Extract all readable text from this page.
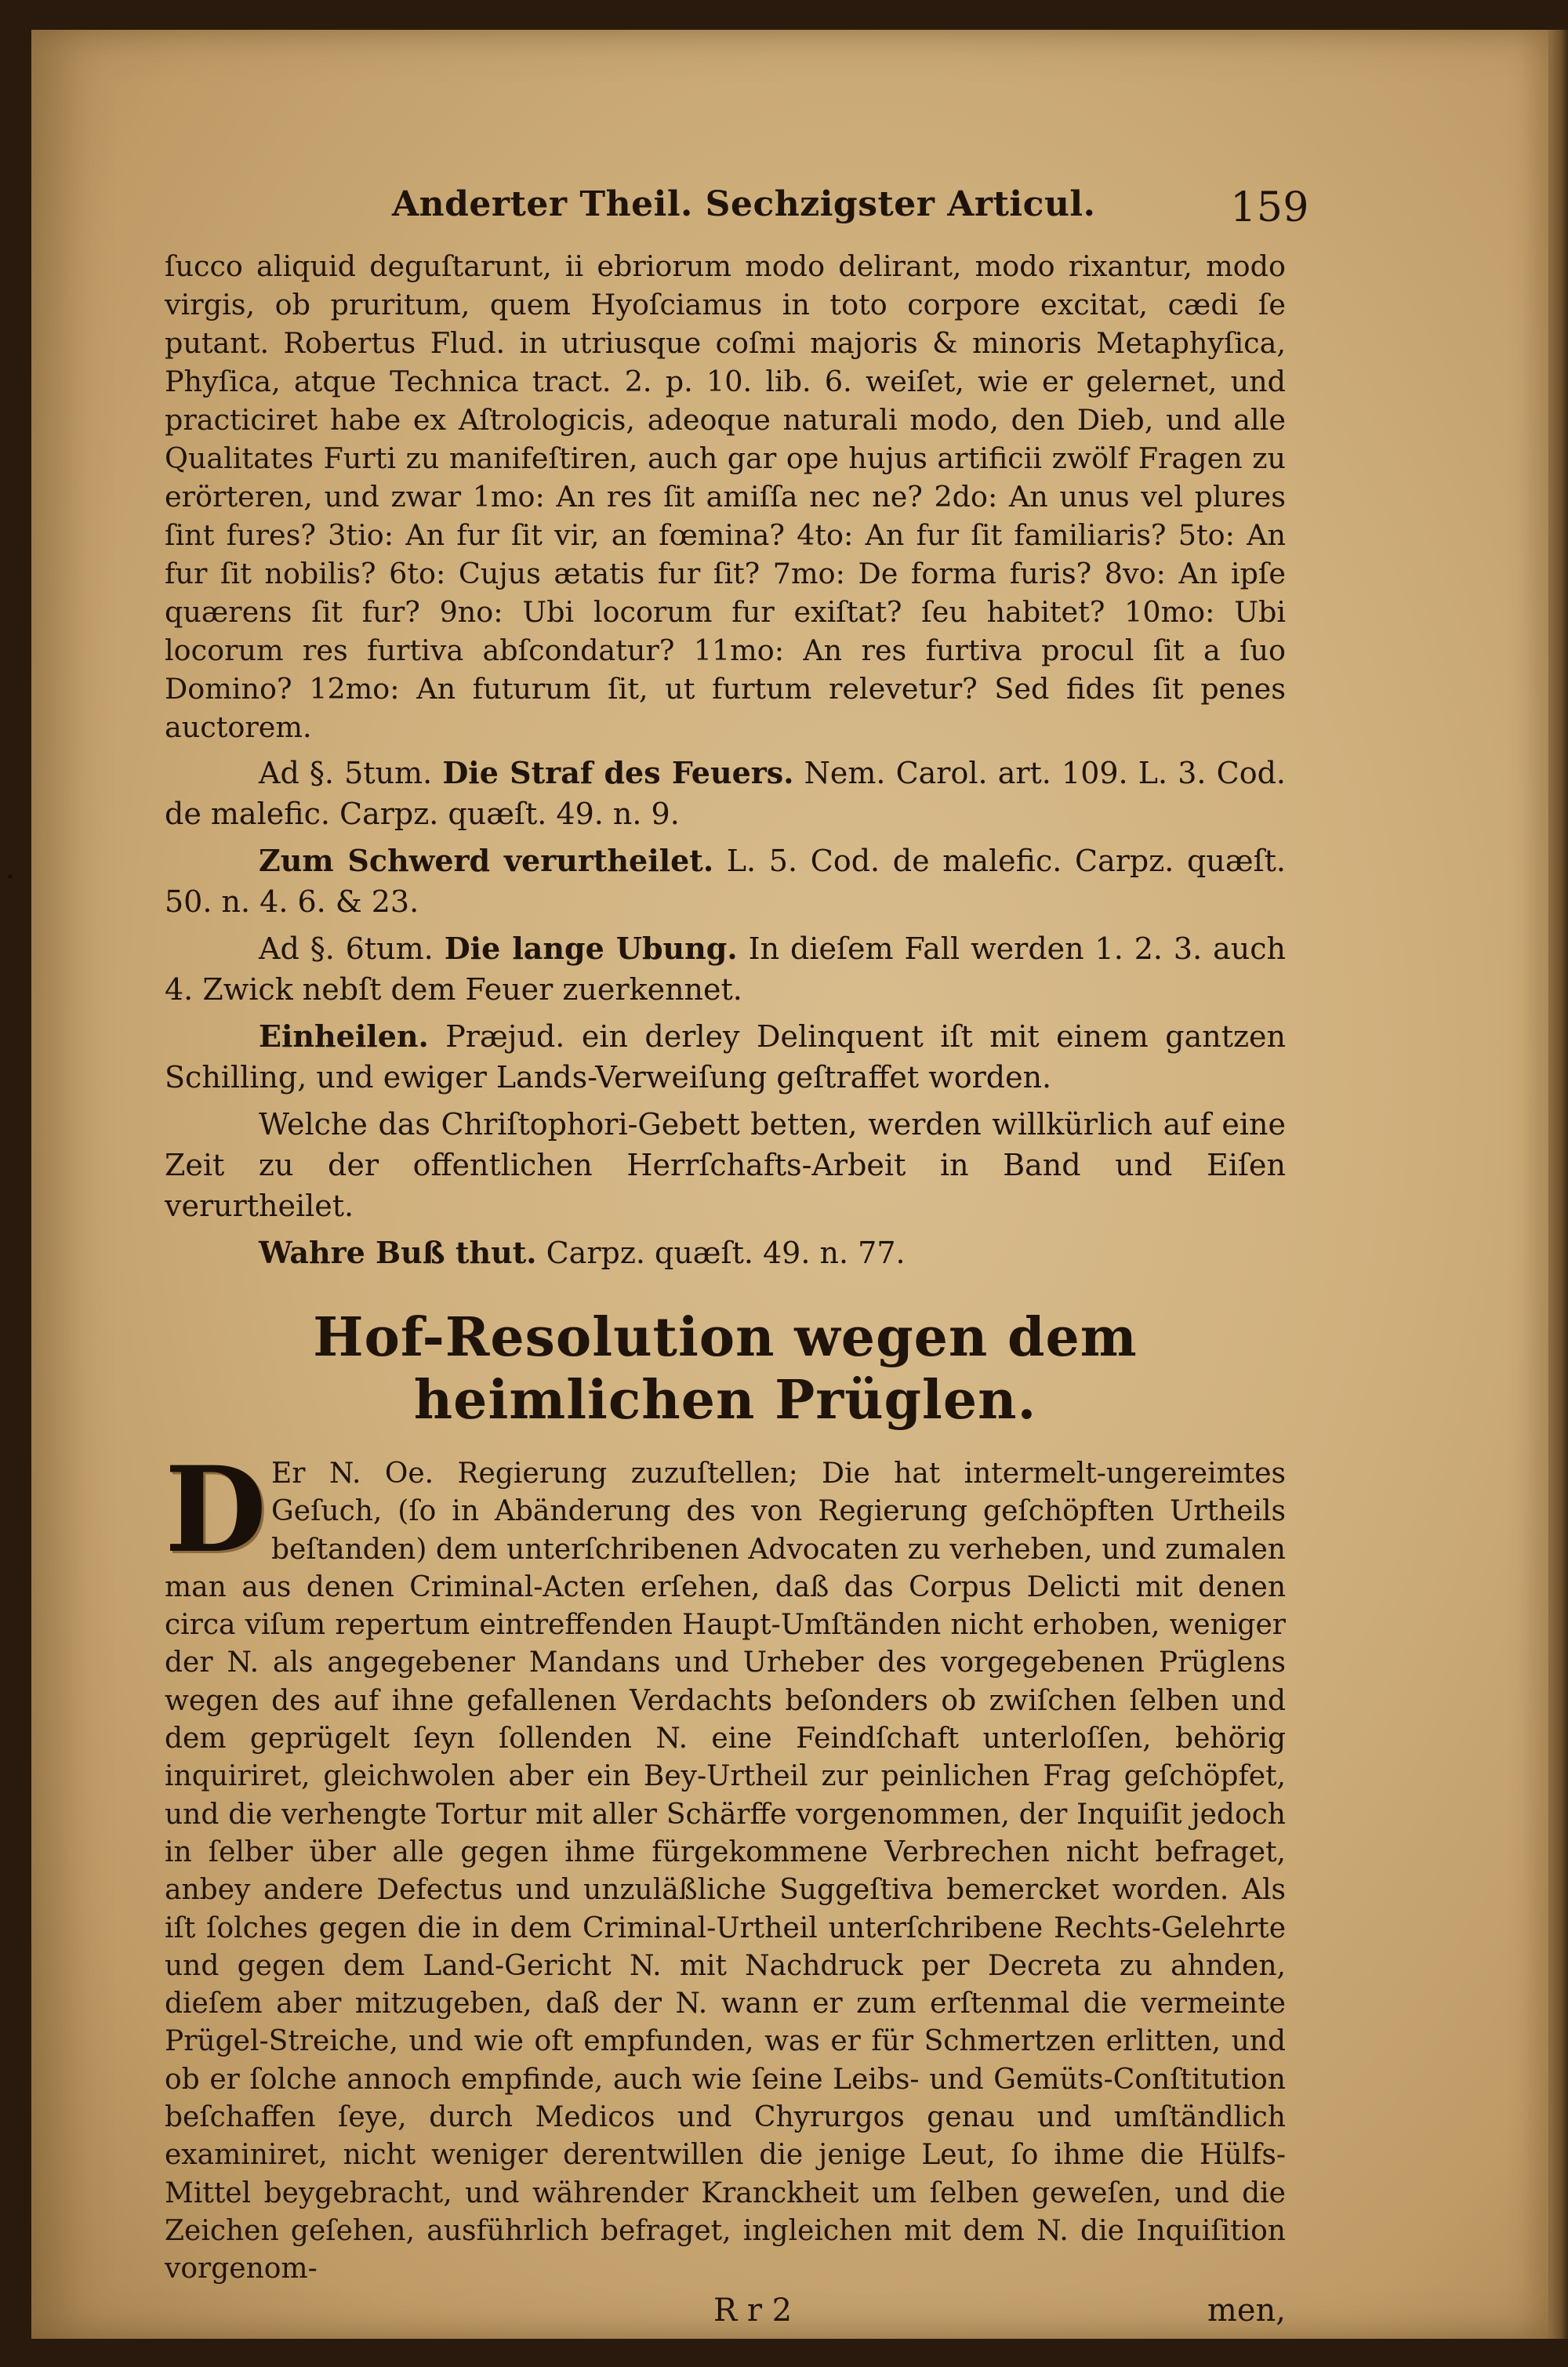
Anderter Theil. Sechzigster Articul.	159

ſucco aliquid deguſtarunt, ii ebriorum modo delirant, modo rixantur, modo virgis, ob pruritum, quem Hyoſciamus in toto corpore excitat, cædi ſe putant. Robertus Flud. in utriusque coſmi majoris & minoris Metaphyſica, Phyſica, atque Technica tract. 2. p. 10. lib. 6. weiſet, wie er gelernet, und practiciret habe ex Aſtrologicis, adeoque naturali modo, den Dieb, und alle Qualitates Furti zu manifeſtiren, auch gar ope hujus artificii zwölf Fragen zu erörteren, und zwar 1mo: An res ſit amiſſa nec ne? 2do: An unus vel plures ſint fures? 3tio: An fur ſit vir, an fœmina? 4to: An fur ſit familiaris? 5to: An fur ſit nobilis? 6to: Cujus ætatis fur ſit? 7mo: De forma furis? 8vo: An ipſe quærens ſit fur? 9no: Ubi locorum fur exiſtat? ſeu habitet? 10mo: Ubi locorum res furtiva abſcondatur? 11mo: An res furtiva procul ſit a ſuo Domino? 12mo: An futurum ſit, ut furtum relevetur? Sed fides ſit penes auctorem.

Ad §. 5tum. Die Straf des Feuers. Nem. Carol. art. 109. L. 3. Cod. de malefic. Carpz. quæſt. 49. n. 9.

Zum Schwerd verurtheilet. L. 5. Cod. de malefic. Carpz. quæſt. 50. n. 4. 6. & 23.

Ad §. 6tum. Die lange Ubung. In dieſem Fall werden 1. 2. 3. auch 4. Zwick nebſt dem Feuer zuerkennet.

Einheilen. Præjud. ein derley Delinquent iſt mit einem gantzen Schilling, und ewiger Lands-Verweiſung geſtraffet worden.

Welche das Chriſtophori-Gebett betten, werden willkürlich auf eine Zeit zu der offentlichen Herrſchafts-Arbeit in Band und Eiſen verurtheilet.

Wahre Buß thut. Carpz. quæſt. 49. n. 77.

Hof-Resolution wegen dem heimlichen Prüglen.
D Er N. Oe. Regierung zuzuſtellen; Die hat intermelt-ungereimtes Geſuch, (ſo in Abänderung des von Regierung geſchöpften Urtheils beſtanden) dem unterſchribenen Advocaten zu verheben, und zumalen man aus denen Criminal-Acten erſehen, daß das Corpus Delicti mit denen circa viſum repertum eintreffenden Haupt-Umſtänden nicht erhoben, weniger der N. als angegebener Mandans und Urheber des vorgegebenen Prüglens wegen des auf ihne gefallenen Verdachts beſonders ob zwiſchen ſelben und dem geprügelt ſeyn ſollenden N. eine Feindſchaft unterloſſen, behörig inquiriret, gleichwolen aber ein Bey-Urtheil zur peinlichen Frag geſchöpfet, und die verhengte Tortur mit aller Schärffe vorgenommen, der Inquiſit jedoch in ſelber über alle gegen ihme fürgekommene Verbrechen nicht befraget, anbey andere Defectus und unzuläßliche Suggeſtiva bemercket worden. Als iſt ſolches gegen die in dem Criminal-Urtheil unterſchribene Rechts-Gelehrte und gegen dem Land-Gericht N. mit Nachdruck per Decreta zu ahnden, dieſem aber mitzugeben, daß der N. wann er zum erſtenmal die vermeinte Prügel-Streiche, und wie oft empfunden, was er für Schmertzen erlitten, und ob er ſolche annoch empfinde, auch wie ſeine Leibs- und Gemüts-Conſtitution beſchaffen ſeye, durch Medicos und Chyrurgos genau und umſtändlich examiniret, nicht weniger derentwillen die jenige Leut, ſo ihme die Hülfs-Mittel beygebracht, und währender Kranckheit um ſelben geweſen, und die Zeichen geſehen, ausführlich befraget, ingleichen mit dem N. die Inquiſition vorgenom-
R r 2	men,
